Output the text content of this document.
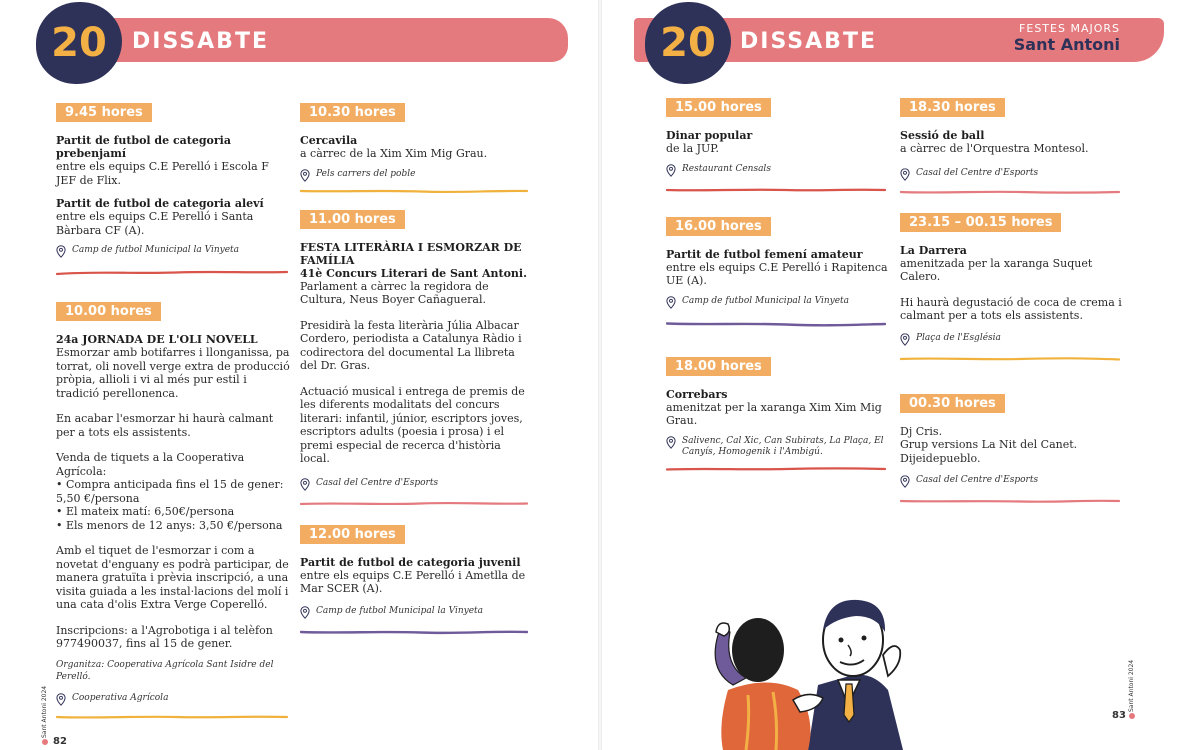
20	DISSABTE
9.45 hores
Partit de futbol de categoria prebenjamí
entre els equips C.E Perelló i Escola F JEF de Flix.
Partit de futbol de categoria aleví
entre els equips C.E Perelló i Santa Bàrbara CF (A).
Camp de futbol Municipal la Vinyeta
10.00 hores
24a JORNADA DE L'OLI NOVELL
Esmorzar amb botifarres i llonganissa, pa torrat, oli novell verge extra de producció pròpia, allioli i vi al més pur estil i tradició perellonenca.
En acabar l'esmorzar hi haurà calmant per a tots els assistents.
Venda de tiquets a la Cooperativa Agrícola:
• Compra anticipada fins el 15 de gener: 5,50 €/persona
• El mateix matí: 6,50€/persona
• Els menors de 12 anys: 3,50 €/persona
Amb el tiquet de l'esmorzar i com a novetat d'enguany es podrà participar, de manera gratuïta i prèvia inscripció, a una visita guiada a les instal·lacions del molí i una cata d'olis Extra Verge Coperelló.
Inscripcions: a l'Agrobotiga i al telèfon 977490037, fins al 15 de gener.
Organitza: Cooperativa Agrícola Sant Isidre del Perelló.
Cooperativa Agrícola
10.30 hores
Cercavila
a càrrec de la Xim Xim Mig Grau.
Pels carrers del poble
11.00 hores
FESTA LITERÀRIA I ESMORZAR DE FAMÍLIA
41è Concurs Literari de Sant Antoni.
Parlament a càrrec la regidora de Cultura, Neus Boyer Cañagueral.
Presidirà la festa literària Júlia Albacar Cordero, periodista a Catalunya Ràdio i codirectora del documental La llibreta del Dr. Gras.
Actuació musical i entrega de premis de les diferents modalitats del concurs literari: infantil, júnior, escriptors joves, escriptors adults (poesia i prosa) i el premi especial de recerca d'història local.
Casal del Centre d'Esports
12.00 hores
Partit de futbol de categoria juvenil
entre els equips C.E Perelló i Ametlla de Mar SCER (A).
Camp de futbol Municipal la Vinyeta
Sant Antoni 2024
82
20	DISSABTE
FESTES MAJORS
Sant Antoni
15.00 hores
Dinar popular
de la JUP.
Restaurant Censals
16.00 hores
Partit de futbol femení amateur
entre els equips C.E Perelló i Rapitenca UE (A).
Camp de futbol Municipal la Vinyeta
18.00 hores
Correbars
amenitzat per la xaranga Xim Xim Mig Grau.
Salivenc, Cal Xic, Can Subirats, La Plaça, El Canyís, Homogenik i l'Ambigú.
18.30 hores
Sessió de ball
a càrrec de l'Orquestra Montesol.
Casal del Centre d'Esports
23.15 – 00.15 hores
La Darrera
amenitzada per la xaranga Suquet Calero.
Hi haurà degustació de coca de crema i calmant per a tots els assistents.
Plaça de l'Església
00.30 hores
Dj Cris.
Grup versions La Nit del Canet.
Dijeidepueblo.
Casal del Centre d'Esports
Sant Antoni 2024
83
